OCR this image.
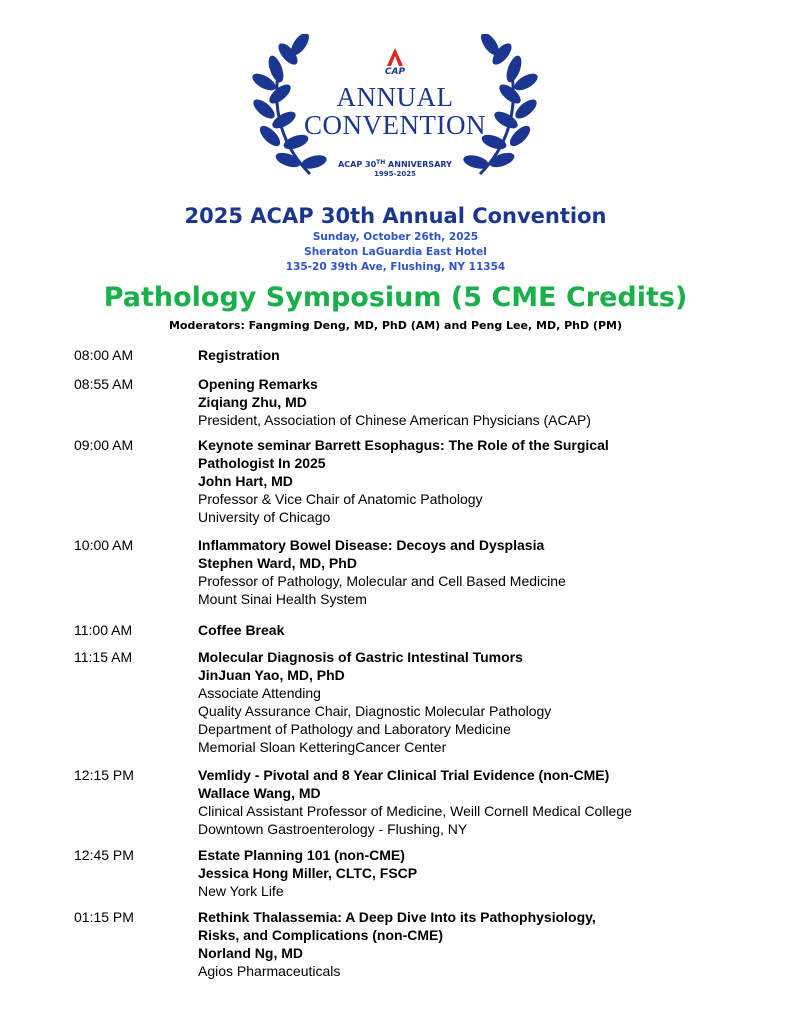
CAP
ANNUAL
CONVENTION
ACAP 30TH ANNIVERSARY
1995-2025
2025 ACAP 30th Annual Convention
Sunday, October 26th, 2025
Sheraton LaGuardia East Hotel
135-20 39th Ave, Flushing, NY 11354
Pathology Symposium (5 CME Credits)
Moderators: Fangming Deng, MD, PhD (AM) and Peng Lee, MD, PhD (PM)
08:00 AM	Registration
08:55 AM	Opening Remarks
Ziqiang Zhu, MD
President, Association of Chinese American Physicians (ACAP)
09:00 AM	Keynote seminar Barrett Esophagus: The Role of the Surgical
Pathologist In 2025
John Hart, MD
Professor & Vice Chair of Anatomic Pathology
University of Chicago
10:00 AM	Inflammatory Bowel Disease: Decoys and Dysplasia
Stephen Ward, MD, PhD
Professor of Pathology, Molecular and Cell Based Medicine
Mount Sinai Health System
11:00 AM	Coffee Break
11:15 AM	Molecular Diagnosis of Gastric Intestinal Tumors
JinJuan Yao, MD, PhD
Associate Attending
Quality Assurance Chair, Diagnostic Molecular Pathology
Department of Pathology and Laboratory Medicine
Memorial Sloan KetteringCancer Center
12:15 PM	Vemlidy - Pivotal and 8 Year Clinical Trial Evidence (non-CME)
Wallace Wang, MD
Clinical Assistant Professor of Medicine, Weill Cornell Medical College
Downtown Gastroenterology - Flushing, NY
12:45 PM	Estate Planning 101 (non-CME)
Jessica Hong Miller, CLTC, FSCP
New York Life
01:15 PM	Rethink Thalassemia: A Deep Dive Into its Pathophysiology,
Risks, and Complications (non-CME)
Norland Ng, MD
Agios Pharmaceuticals
